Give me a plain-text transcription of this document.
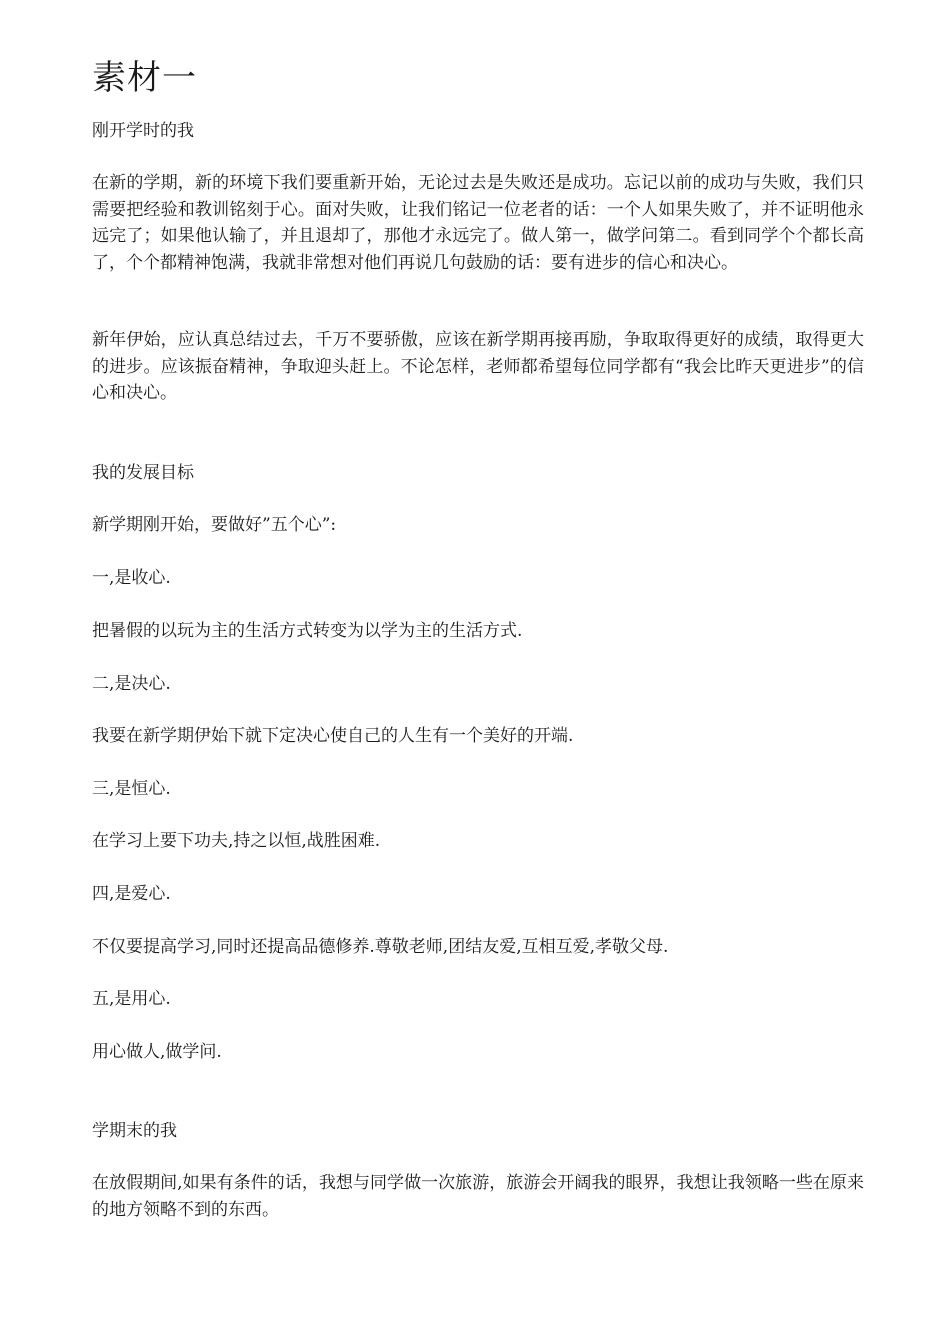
素材一

刚开学时的我

在新的学期，新的环境下我们要重新开始，无论过去是失败还是成功。忘记以前的成功与失败，我们只需要把经验和教训铭刻于心。面对失败，让我们铭记一位老者的话：一个人如果失败了，并不证明他永远完了；如果他认输了，并且退却了，那他才永远完了。做人第一，做学问第二。看到同学个个都长高了，个个都精神饱满，我就非常想对他们再说几句鼓励的话：要有进步的信心和决心。

新年伊始，应认真总结过去，千万不要骄傲，应该在新学期再接再励，争取取得更好的成绩，取得更大的进步。应该振奋精神，争取迎头赶上。不论怎样，老师都希望每位同学都有“我会比昨天更进步”的信心和决心。

我的发展目标

新学期刚开始，要做好”五个心”:

一,是收心.

把暑假的以玩为主的生活方式转变为以学为主的生活方式.

二,是决心.

我要在新学期伊始下就下定决心使自己的人生有一个美好的开端.

三,是恒心.

在学习上要下功夫,持之以恒,战胜困难.

四,是爱心.

不仅要提高学习,同时还提高品德修养.尊敬老师,团结友爱,互相互爱,孝敬父母.

五,是用心.

用心做人,做学问.

学期末的我

在放假期间,如果有条件的话，我想与同学做一次旅游，旅游会开阔我的眼界，我想让我领略一些在原来的地方领略不到的东西。
